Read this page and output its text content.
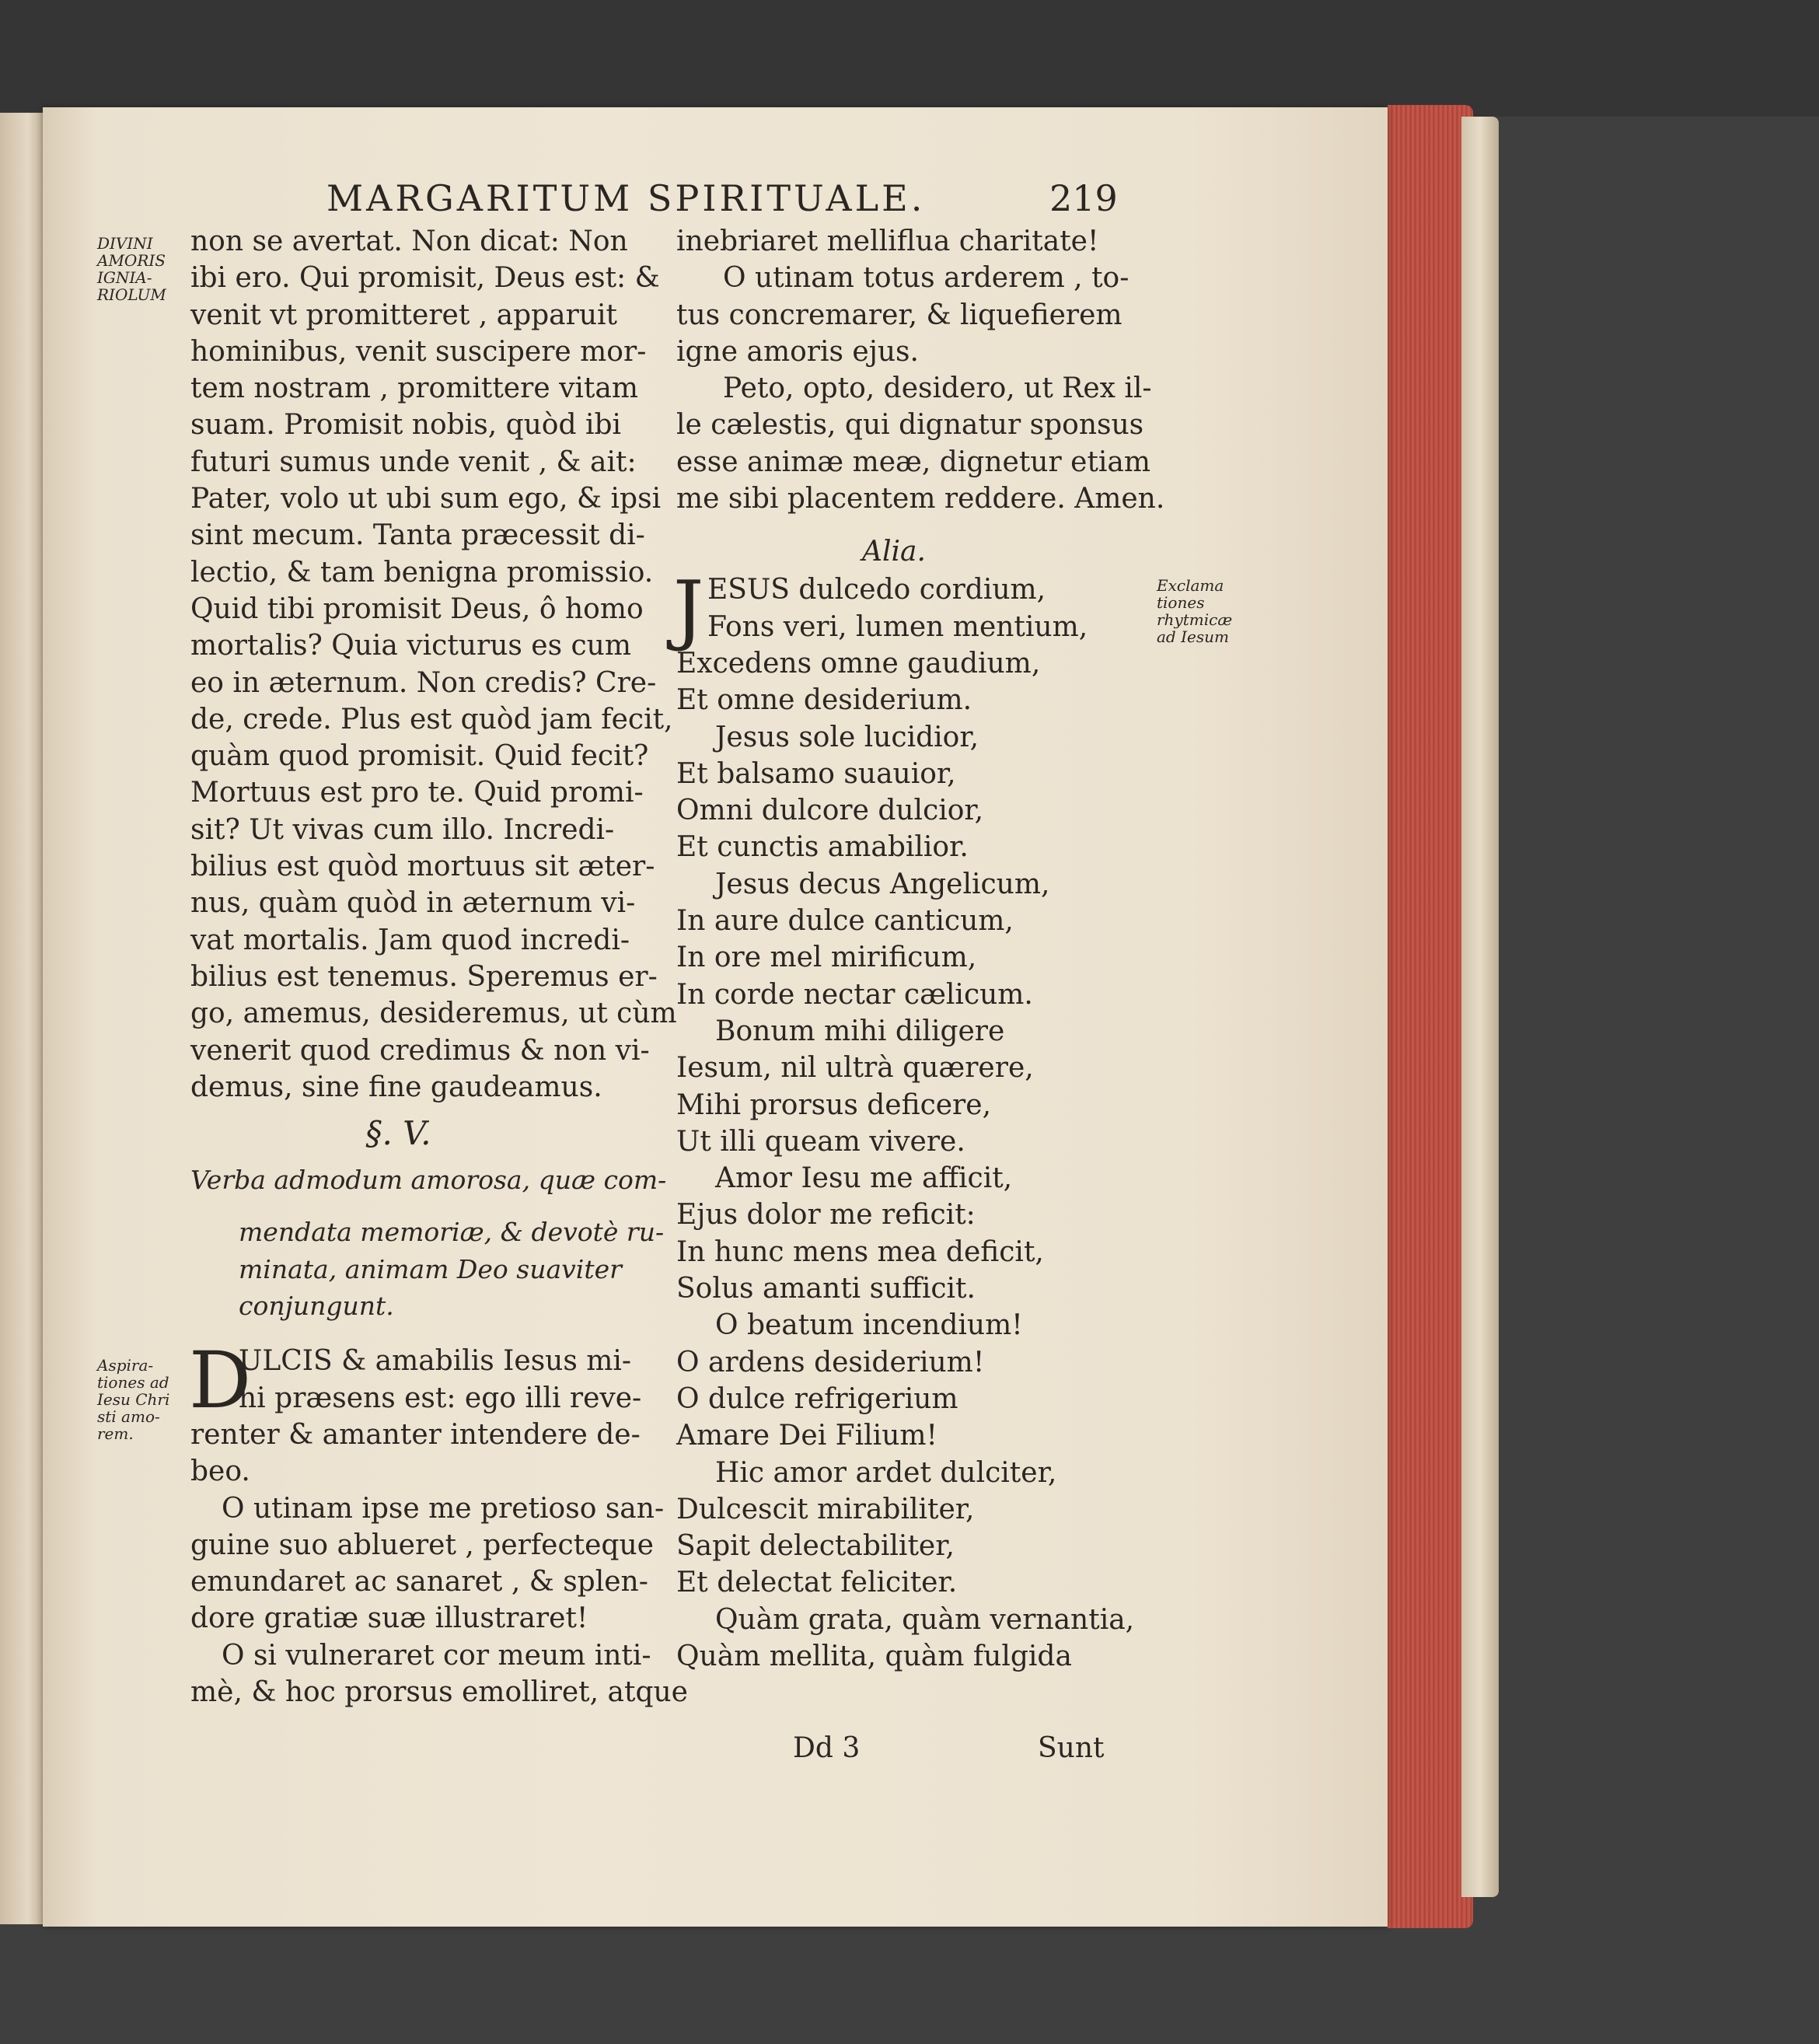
MARGARITUM SPIRITUALE.	219
DIVINI
AMORIS
IGNIA-
RIOLUM
Aspira-
tiones ad
Iesu Chri
sti amo-
rem.
Exclama
tiones
rhytmicæ
ad Iesum
non se avertat. Non dicat: Non
ibi ero. Qui promisit, Deus est: &
venit vt promitteret , apparuit
hominibus, venit suscipere mor-
tem nostram , promittere vitam
suam. Promisit nobis, quòd ibi
futuri sumus unde venit , & ait:
Pater, volo ut ubi sum ego, & ipsi
sint mecum. Tanta præcessit di-
lectio, & tam benigna promissio.
Quid tibi promisit Deus, ô homo
mortalis? Quia victurus es cum
eo in æternum. Non credis? Cre-
de, crede. Plus est quòd jam fecit,
quàm quod promisit. Quid fecit?
Mortuus est pro te. Quid promi-
sit? Ut vivas cum illo. Incredi-
bilius est quòd mortuus sit æter-
nus, quàm quòd in æternum vi-
vat mortalis. Jam quod incredi-
bilius est tenemus. Speremus er-
go, amemus, desideremus, ut cùm
venerit quod credimus & non vi-
demus, sine fine gaudeamus.
§. V.
Verba admodum amorosa, quæ com-
mendata memoriæ, & devotè ru-
minata, animam Deo suaviter
conjungunt.
D
ULCIS & amabilis Iesus mi-
hi præsens est: ego illi reve-
renter & amanter intendere de-
beo.
O utinam ipse me pretioso san-
guine suo ablueret , perfecteque
emundaret ac sanaret , & splen-
dore gratiæ suæ illustraret!
O si vulneraret cor meum inti-
mè, & hoc prorsus emolliret, atque
inebriaret melliflua charitate!
O utinam totus arderem , to-
tus concremarer, & liquefierem
igne amoris ejus.
Peto, opto, desidero, ut Rex il-
le cælestis, qui dignatur sponsus
esse animæ meæ, dignetur etiam
me sibi placentem reddere. Amen.
Alia.
J ESUS dulcedo cordium,
Fons veri, lumen mentium,
Excedens omne gaudium,
Et omne desiderium.
Jesus sole lucidior,
Et balsamo suauior,
Omni dulcore dulcior,
Et cunctis amabilior.
Jesus decus Angelicum,
In aure dulce canticum,
In ore mel mirificum,
In corde nectar cælicum.
Bonum mihi diligere
Iesum, nil ultrà quærere,
Mihi prorsus deficere,
Ut illi queam vivere.
Amor Iesu me afficit,
Ejus dolor me reficit:
In hunc mens mea deficit,
Solus amanti sufficit.
O beatum incendium!
O ardens desiderium!
O dulce refrigerium
Amare Dei Filium!
Hic amor ardet dulciter,
Dulcescit mirabiliter,
Sapit delectabiliter,
Et delectat feliciter.
Quàm grata, quàm vernantia,
Quàm mellita, quàm fulgida
Dd 3	Sunt
